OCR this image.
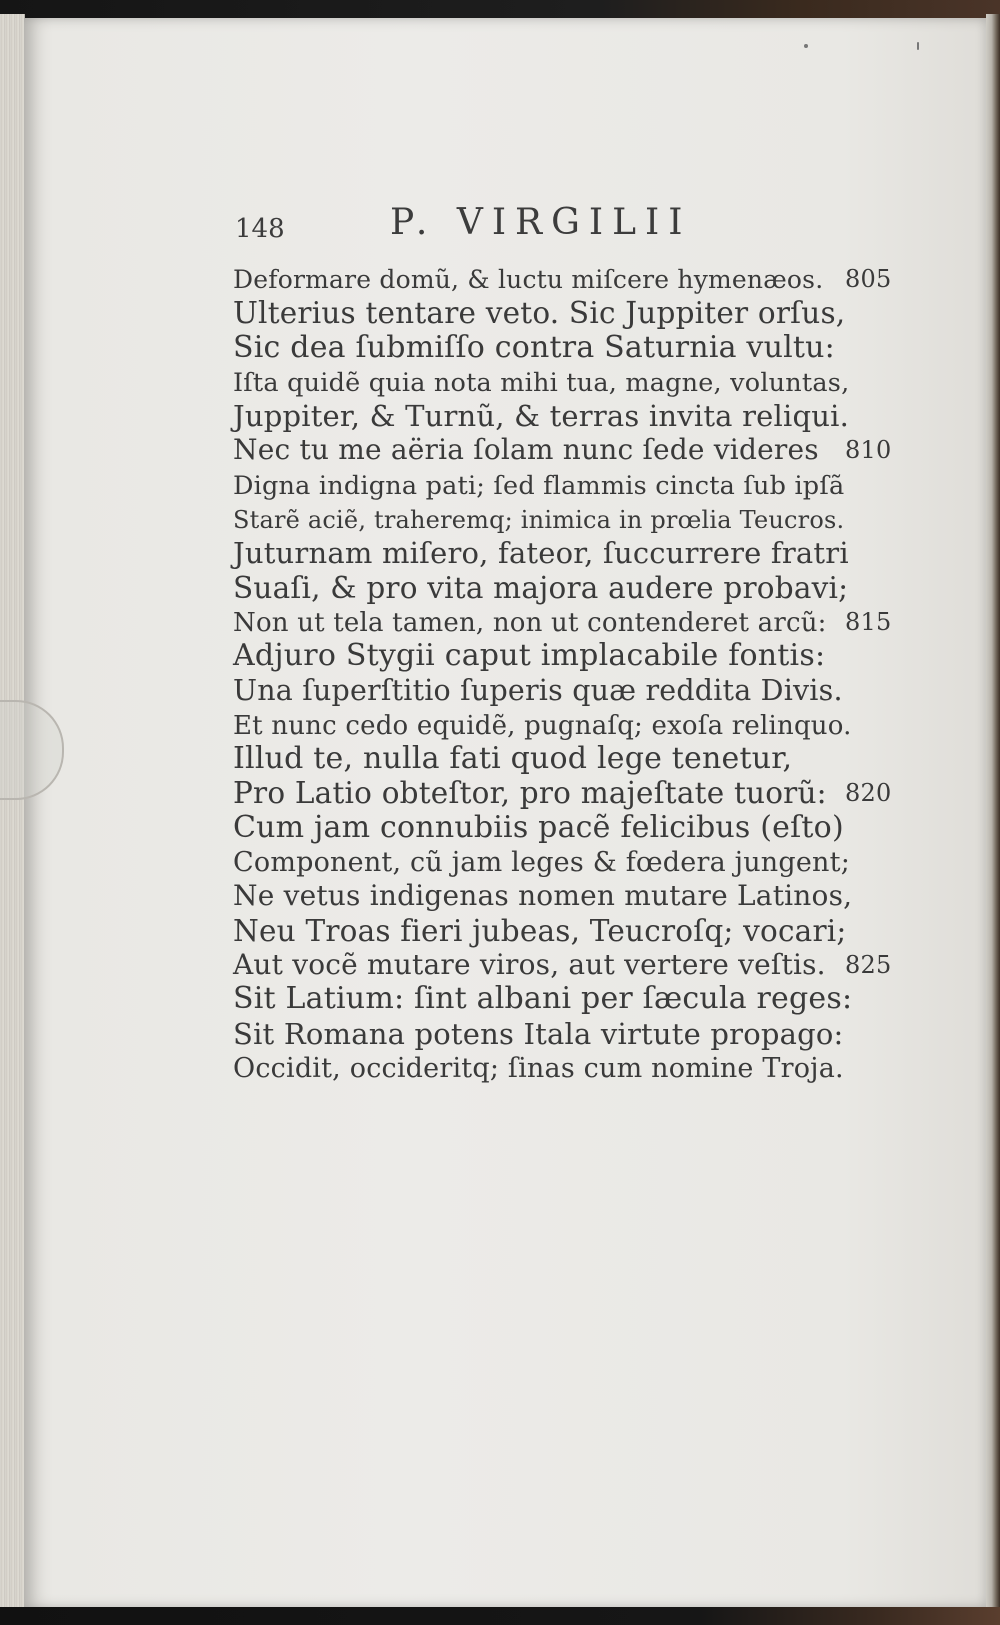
148	P. VIRGILII
Deformare domũ, & luctu miſcere hymenæos. 805
Ulterius tentare veto. Sic Juppiter orſus,
Sic dea ſubmiſſo contra Saturnia vultu:
Iſta quidẽ quia nota mihi tua, magne, voluntas,
Juppiter, & Turnũ, & terras invita reliqui.
Nec tu me aëria ſolam nunc ſede videres 810
Digna indigna pati; ſed flammis cincta ſub ipſã
Starẽ aciẽ, traheremq; inimica in prœlia Teucros.
Juturnam miſero, fateor, ſuccurrere fratri
Suaſi, & pro vita majora audere probavi;
Non ut tela tamen, non ut contenderet arcũ: 815
Adjuro Stygii caput implacabile fontis:
Una ſuperſtitio ſuperis quæ reddita Divis.
Et nunc cedo equidẽ, pugnaſq; exoſa relinquo.
Illud te, nulla fati quod lege tenetur,
Pro Latio obteſtor, pro majeſtate tuorũ: 820
Cum jam connubiis pacẽ felicibus (eſto)
Component, cũ jam leges & fœdera jungent;
Ne vetus indigenas nomen mutare Latinos,
Neu Troas fieri jubeas, Teucroſq; vocari;
Aut vocẽ mutare viros, aut vertere veſtis. 825
Sit Latium: ſint albani per ſæcula reges:
Sit Romana potens Itala virtute propago:
Occidit, occideritq; ſinas cum nomine Troja.
